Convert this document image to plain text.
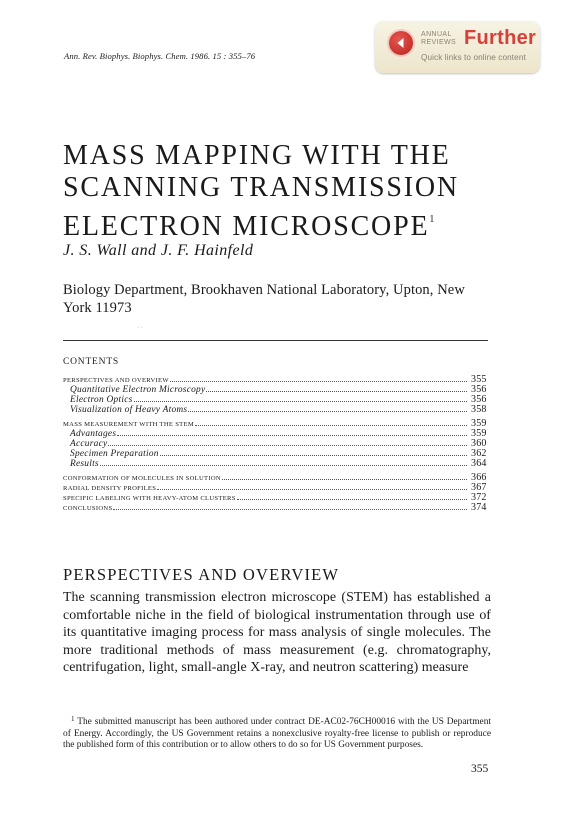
Ann. Rev. Biophys. Biophys. Chem. 1986. 15 : 355–76
ANNUAL
REVIEWS Further
Quick links to online content
MASS MAPPING WITH THE
SCANNING TRANSMISSION
ELECTRON MICROSCOPE$^1$
J. S. Wall and J. F. Hainfeld
Biology Department, Brookhaven National Laboratory, Upton, New York 11973
· ·
CONTENTS
PERSPECTIVES AND OVERVIEW	355
Quantitative Electron Microscopy	356
Electron Optics	356
Visualization of Heavy Atoms	358
MASS MEASUREMENT WITH THE STEM	359
Advantages	359
Accuracy	360
Specimen Preparation	362
Results	364
CONFORMATION OF MOLECULES IN SOLUTION	366
RADIAL DENSITY PROFILES	367
SPECIFIC LABELING WITH HEAVY-ATOM CLUSTERS	372
CONCLUSIONS	374
PERSPECTIVES AND OVERVIEW

The scanning transmission electron microscope (STEM) has established a comfortable niche in the field of biological instrumentation through use of its quantitative imaging process for mass analysis of single molecules. The more traditional methods of mass measurement (e.g. chromatography, centrifugation, light, small-angle X-ray, and neutron scattering) measure

$^1$ The submitted manuscript has been authored under contract DE-AC02-76CH00016 with the US Department of Energy. Accordingly, the US Government retains a nonexclusive royalty-free license to publish or reproduce the published form of this contribution or to allow others to do so for US Government purposes.

355
